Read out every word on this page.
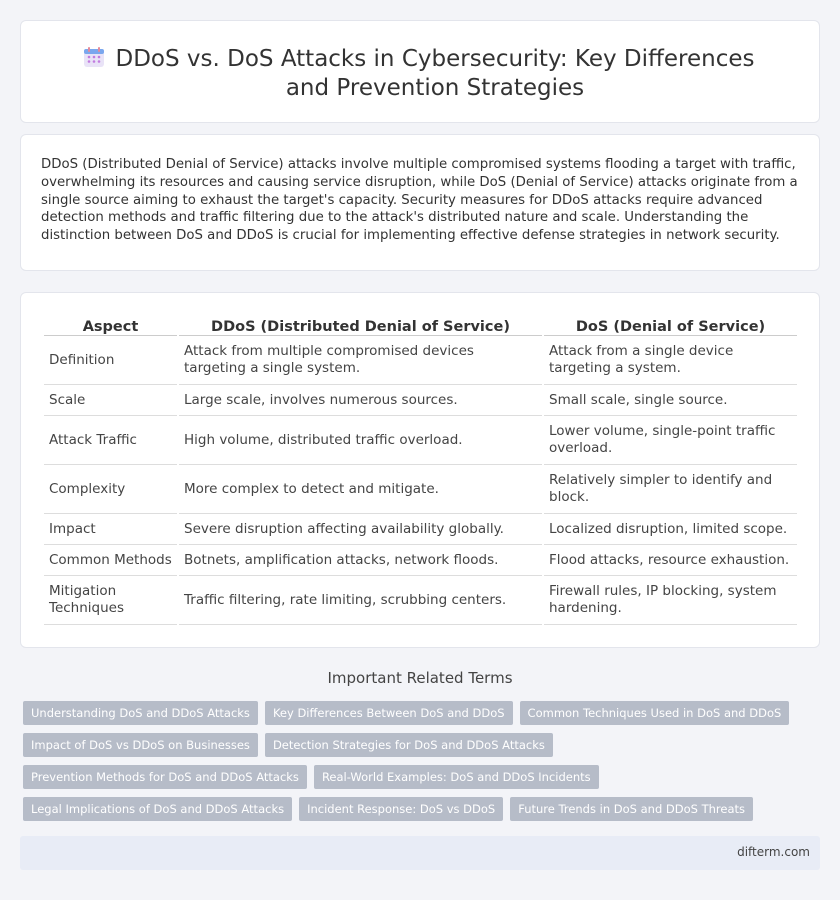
DDoS vs. DoS Attacks in Cybersecurity: Key Differences and Prevention Strategies

DDoS (Distributed Denial of Service) attacks involve multiple compromised systems flooding a target with traffic, overwhelming its resources and causing service disruption, while DoS (Denial of Service) attacks originate from a single source aiming to exhaust the target's capacity. Security measures for DDoS attacks require advanced detection methods and traffic filtering due to the attack's distributed nature and scale. Understanding the distinction between DoS and DDoS is crucial for implementing effective defense strategies in network security.

Aspect	DDoS (Distributed Denial of Service)	DoS (Denial of Service)
Definition	Attack from multiple compromised devices targeting a single system.	Attack from a single device targeting a system.
Scale	Large scale, involves numerous sources.	Small scale, single source.
Attack Traffic	High volume, distributed traffic overload.	Lower volume, single-point traffic overload.
Complexity	More complex to detect and mitigate.	Relatively simpler to identify and block.
Impact	Severe disruption affecting availability globally.	Localized disruption, limited scope.
Common Methods	Botnets, amplification attacks, network floods.	Flood attacks, resource exhaustion.
Mitigation Techniques	Traffic filtering, rate limiting, scrubbing centers.	Firewall rules, IP blocking, system hardening.
Important Related Terms
Understanding DoS and DDoS Attacks	Key Differences Between DoS and DDoS	Common Techniques Used in DoS and DDoS
Impact of DoS vs DDoS on Businesses	Detection Strategies for DoS and DDoS Attacks
Prevention Methods for DoS and DDoS Attacks	Real-World Examples: DoS and DDoS Incidents
Legal Implications of DoS and DDoS Attacks	Incident Response: DoS vs DDoS	Future Trends in DoS and DDoS Threats
difterm.com
